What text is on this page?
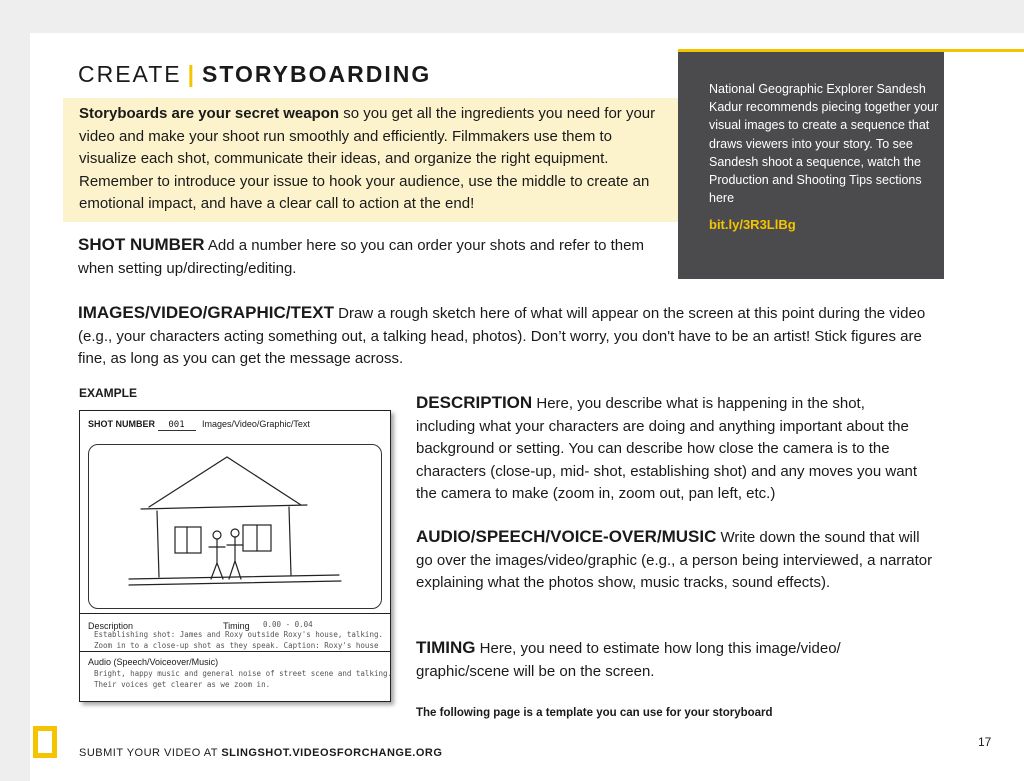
CREATE | STORYBOARDING
Storyboards are your secret weapon so you get all the ingredients you need for your video and make your shoot run smoothly and efficiently. Filmmakers use them to visualize each shot, communicate their ideas, and organize the right equipment. Remember to introduce your issue to hook your audience, use the middle to create an emotional impact, and have a clear call to action at the end!
National Geographic Explorer Sandesh Kadur recommends piecing together your visual images to create a sequence that draws viewers into your story. To see Sandesh shoot a sequence, watch the Production and Shooting Tips sections here
bit.ly/3R3LlBg
SHOT NUMBER Add a number here so you can order your shots and refer to them when setting up/directing/editing.
IMAGES/VIDEO/GRAPHIC/TEXT Draw a rough sketch here of what will appear on the screen at this point during the video (e.g., your characters acting something out, a talking head, photos). Don’t worry, you don't have to be an artist! Stick figures are fine, as long as you can get the message across.
EXAMPLE
SHOT NUMBER 001 Images/Video/Graphic/Text
Description	Timing 0.00 - 0.04
Establishing shot: James and Roxy outside Roxy's house, talking.
Zoom in to a close-up shot as they speak. Caption: Roxy's house
Audio (Speech/Voiceover/Music)
Bright, happy music and general noise of street scene and talking.
Their voices get clearer as we zoom in.
DESCRIPTION Here, you describe what is happening in the shot, including what your characters are doing and anything important about the background or setting. You can describe how close the camera is to the characters (close-up, mid- shot, establishing shot) and any moves you want the camera to make (zoom in, zoom out, pan left, etc.)
AUDIO/SPEECH/VOICE-OVER/MUSIC Write down the sound that will go over the images/video/graphic (e.g., a person being interviewed, a narrator explaining what the photos show, music tracks, sound effects).
TIMING Here, you need to estimate how long this image/video/ graphic/scene will be on the screen.
The following page is a template you can use for your storyboard
17
SUBMIT YOUR VIDEO AT SLINGSHOT.VIDEOSFORCHANGE.ORG
